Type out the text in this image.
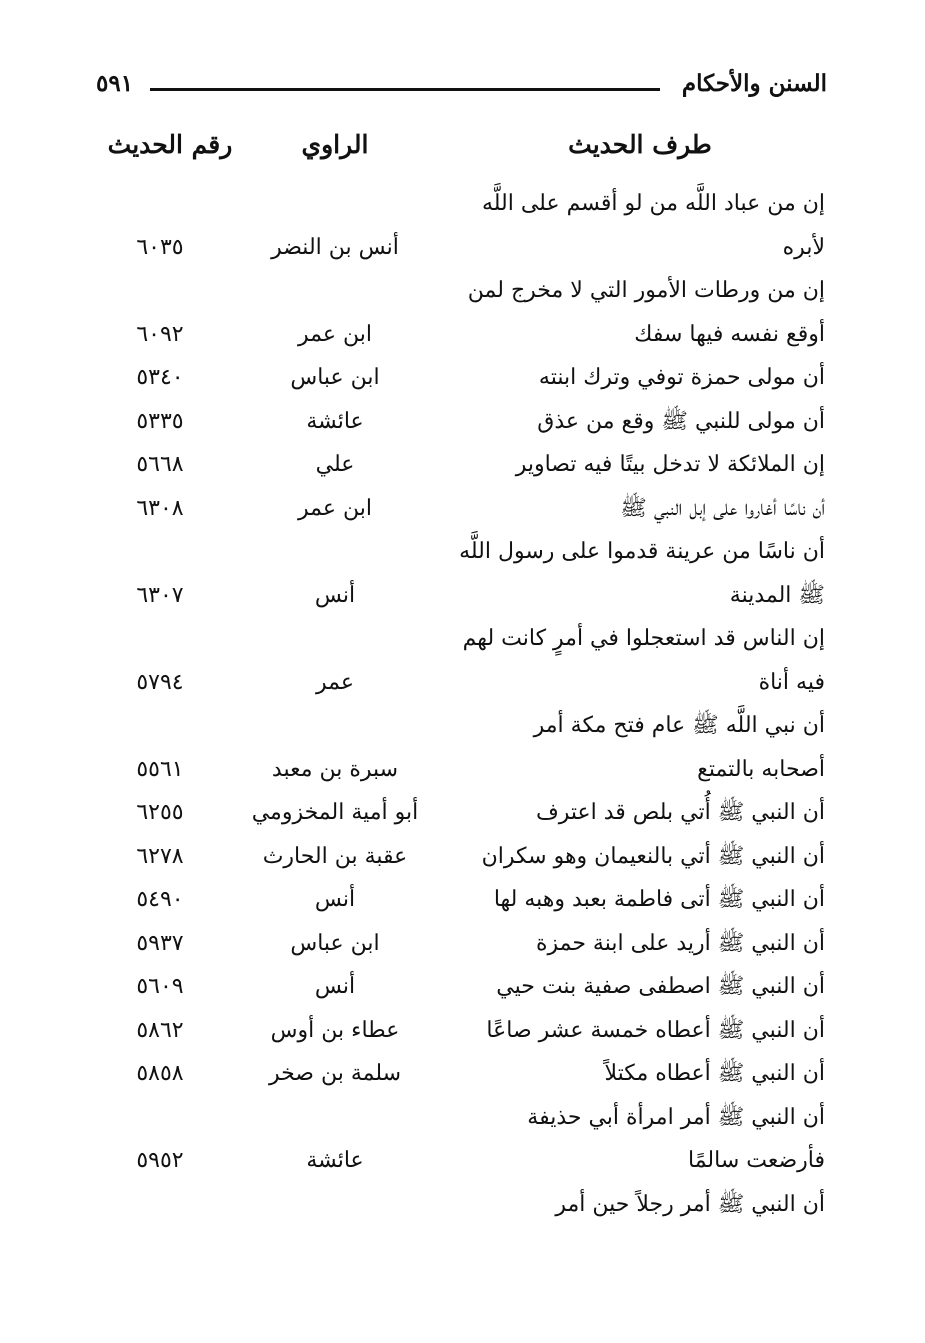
السنن والأحكام
٥٩١
طرف الحديث
الراوي
رقم الحديث
إن من عباد اللَّه من لو أقسم على اللَّه
لأبره
أنس بن النضر
٦٠٣٥
إن من ورطات الأمور التي لا مخرج لمن
أوقع نفسه فيها سفك
ابن عمر
٦٠٩٢
أن مولى حمزة توفي وترك ابنته
ابن عباس
٥٣٤٠
أن مولى للنبي ﷺ وقع من عذق
عائشة
٥٣٣٥
إن الملائكة لا تدخل بيتًا فيه تصاوير
علي
٥٦٦٨
أن ناسًا أغاروا على إبل النبي ﷺ
ابن عمر
٦٣٠٨
أن ناسًا من عرينة قدموا على رسول اللَّه
ﷺ المدينة
أنس
٦٣٠٧
إن الناس قد استعجلوا في أمرٍ كانت لهم
فيه أناة
عمر
٥٧٩٤
أن نبي اللَّه ﷺ عام فتح مكة أمر
أصحابه بالتمتع
سبرة بن معبد
٥٥٦١
أن النبي ﷺ أُتي بلص قد اعترف
أبو أمية المخزومي
٦٢٥٥
أن النبي ﷺ أتي بالنعيمان وهو سكران
عقبة بن الحارث
٦٢٧٨
أن النبي ﷺ أتى فاطمة بعبد وهبه لها
أنس
٥٤٩٠
أن النبي ﷺ أريد على ابنة حمزة
ابن عباس
٥٩٣٧
أن النبي ﷺ اصطفى صفية بنت حيي
أنس
٥٦٠٩
أن النبي ﷺ أعطاه خمسة عشر صاعًا
عطاء بن أوس
٥٨٦٢
أن النبي ﷺ أعطاه مكتلاً
سلمة بن صخر
٥٨٥٨
أن النبي ﷺ أمر امرأة أبي حذيفة
فأرضعت سالمًا
عائشة
٥٩٥٢
أن النبي ﷺ أمر رجلاً حين أمر
